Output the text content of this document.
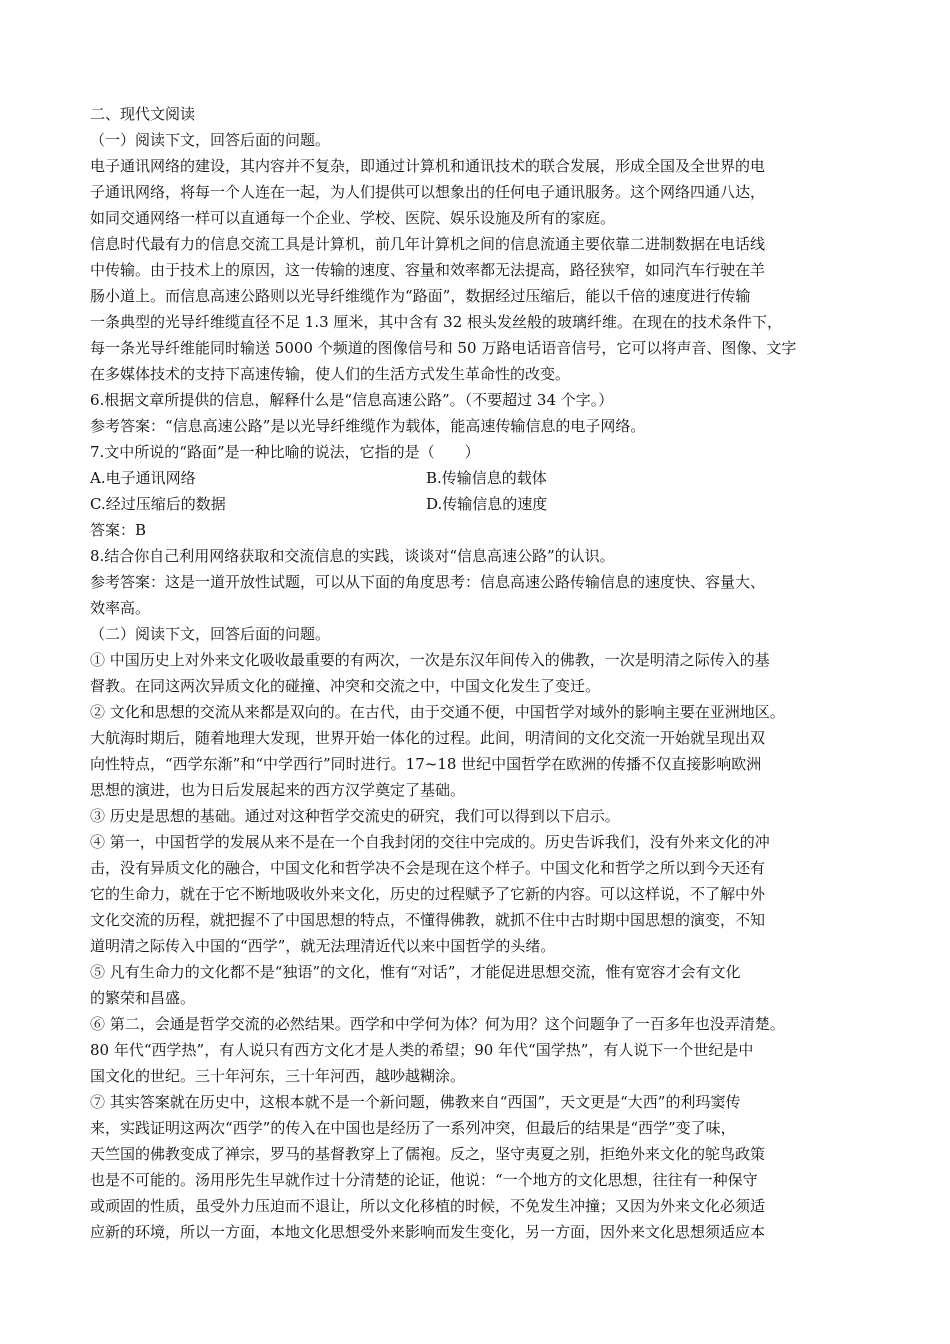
二、现代文阅读
（一）阅读下文，回答后面的问题。
电子通讯网络的建设，其内容并不复杂，即通过计算机和通讯技术的联合发展，形成全国及全世界的电
子通讯网络，将每一个人连在一起，为人们提供可以想象出的任何电子通讯服务。这个网络四通八达，
如同交通网络一样可以直通每一个企业、学校、医院、娱乐设施及所有的家庭。
信息时代最有力的信息交流工具是计算机，前几年计算机之间的信息流通主要依靠二进制数据在电话线
中传输。由于技术上的原因，这一传输的速度、容量和效率都无法提高，路径狭窄，如同汽车行驶在羊
肠小道上。而信息高速公路则以光导纤维缆作为“路面”，数据经过压缩后，能以千倍的速度进行传输
一条典型的光导纤维缆直径不足 1.3 厘米，其中含有 32 根头发丝般的玻璃纤维。在现在的技术条件下，
每一条光导纤维能同时输送 5000 个频道的图像信号和 50 万路电话语音信号，它可以将声音、图像、文字
在多媒体技术的支持下高速传输，使人们的生活方式发生革命性的改变。
6.根据文章所提供的信息，解释什么是“信息高速公路”。（不要超过 34 个字。）
参考答案：“信息高速公路”是以光导纤维缆作为载体，能高速传输信息的电子网络。
7.文中所说的“路面”是一种比喻的说法，它指的是（　　）
A.电子通讯网络	B.传输信息的载体
C.经过压缩后的数据	D.传输信息的速度
答案：B
8.结合你自己利用网络获取和交流信息的实践，谈谈对“信息高速公路”的认识。
参考答案：这是一道开放性试题，可以从下面的角度思考：信息高速公路传输信息的速度快、容量大、
效率高。
（二）阅读下文，回答后面的问题。
① 中国历史上对外来文化吸收最重要的有两次，一次是东汉年间传入的佛教，一次是明清之际传入的基
督教。在同这两次异质文化的碰撞、冲突和交流之中，中国文化发生了变迁。
② 文化和思想的交流从来都是双向的。在古代，由于交通不便，中国哲学对域外的影响主要在亚洲地区。
大航海时期后，随着地理大发现，世界开始一体化的过程。此间，明清间的文化交流一开始就呈现出双
向性特点，“西学东渐”和“中学西行”同时进行。17~18 世纪中国哲学在欧洲的传播不仅直接影响欧洲
思想的演进，也为日后发展起来的西方汉学奠定了基础。
③ 历史是思想的基础。通过对这种哲学交流史的研究，我们可以得到以下启示。
④ 第一，中国哲学的发展从来不是在一个自我封闭的交往中完成的。历史告诉我们，没有外来文化的冲
击，没有异质文化的融合，中国文化和哲学决不会是现在这个样子。中国文化和哲学之所以到今天还有
它的生命力，就在于它不断地吸收外来文化，历史的过程赋予了它新的内容。可以这样说，不了解中外
文化交流的历程，就把握不了中国思想的特点，不懂得佛教，就抓不住中古时期中国思想的演变，不知
道明清之际传入中国的“西学”，就无法理清近代以来中国哲学的头绪。
⑤ 凡有生命力的文化都不是“独语”的文化，惟有“对话”，才能促进思想交流，惟有宽容才会有文化
的繁荣和昌盛。
⑥ 第二，会通是哲学交流的必然结果。西学和中学何为体？何为用？这个问题争了一百多年也没弄清楚。
80 年代“西学热”，有人说只有西方文化才是人类的希望；90 年代“国学热”，有人说下一个世纪是中
国文化的世纪。三十年河东，三十年河西，越吵越糊涂。
⑦ 其实答案就在历史中，这根本就不是一个新问题，佛教来自“西国”，天文更是“大西”的利玛窦传
来，实践证明这两次“西学”的传入在中国也是经历了一系列冲突，但最后的结果是“西学”变了味，
天竺国的佛教变成了禅宗，罗马的基督教穿上了儒袍。反之，坚守夷夏之别，拒绝外来文化的鸵鸟政策
也是不可能的。汤用彤先生早就作过十分清楚的论证，他说：“一个地方的文化思想，往往有一种保守
或顽固的性质，虽受外力压迫而不退让，所以文化移植的时候，不免发生冲撞；又因为外来文化必须适
应新的环境，所以一方面，本地文化思想受外来影响而发生变化，另一方面，因外来文化思想须适应本
